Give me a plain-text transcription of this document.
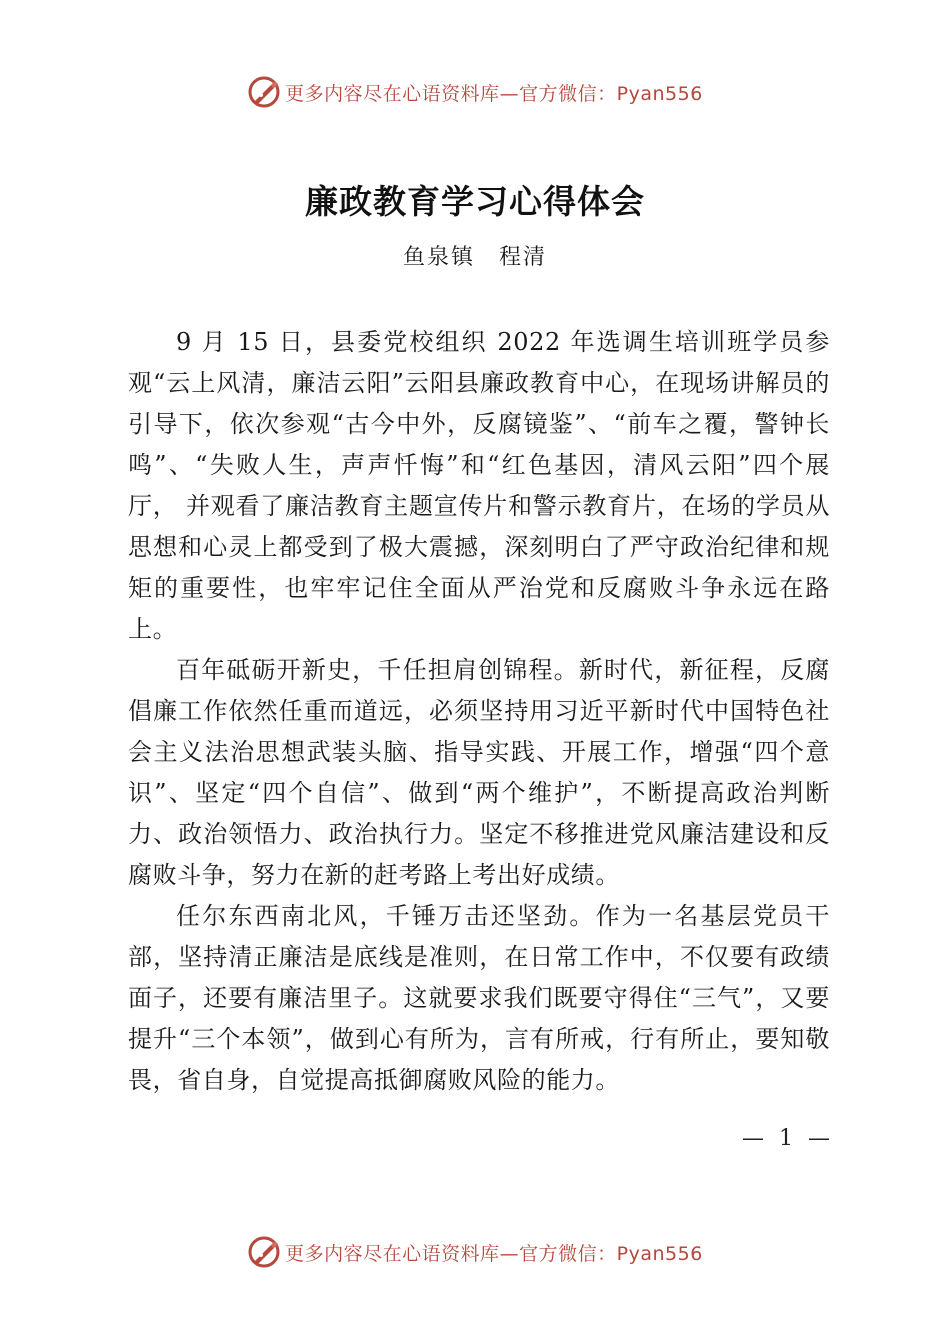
更多内容尽在心语资料库—官方微信：Pyan556
廉政教育学习心得体会
鱼泉镇 程清

9 月 15 日，县委党校组织 2022 年选调生培训班学员参观“云上风清，廉洁云阳”云阳县廉政教育中心，在现场讲解员的引导下，依次参观“古今中外，反腐镜鉴”、“前车之覆，警钟长鸣”、“失败人生，声声忏悔”和“红色基因，清风云阳”四个展厅， 并观看了廉洁教育主题宣传片和警示教育片，在场的学员从思想和心灵上都受到了极大震撼，深刻明白了严守政治纪律和规矩的重要性，也牢牢记住全面从严治党和反腐败斗争永远在路上。

百年砥砺开新史，千任担肩创锦程。新时代，新征程，反腐倡廉工作依然任重而道远，必须坚持用习近平新时代中国特色社会主义法治思想武装头脑、指导实践、开展工作，增强“四个意识”、坚定“四个自信”、做到“两个维护”，不断提高政治判断力、政治领悟力、政治执行力。坚定不移推进党风廉洁建设和反 腐败斗争，努力在新的赶考路上考出好成绩。

任尔东西南北风，千锤万击还坚劲。作为一名基层党员干部，坚持清正廉洁是底线是准则，在日常工作中，不仅要有政绩面子，还要有廉洁里子。这就要求我们既要守得住“三气”，又要提升“三个本领”，做到心有所为，言有所戒，行有所止，要知敬畏，省自身，自觉提高抵御腐败风险的能力。

— 1 —
更多内容尽在心语资料库—官方微信：Pyan556
